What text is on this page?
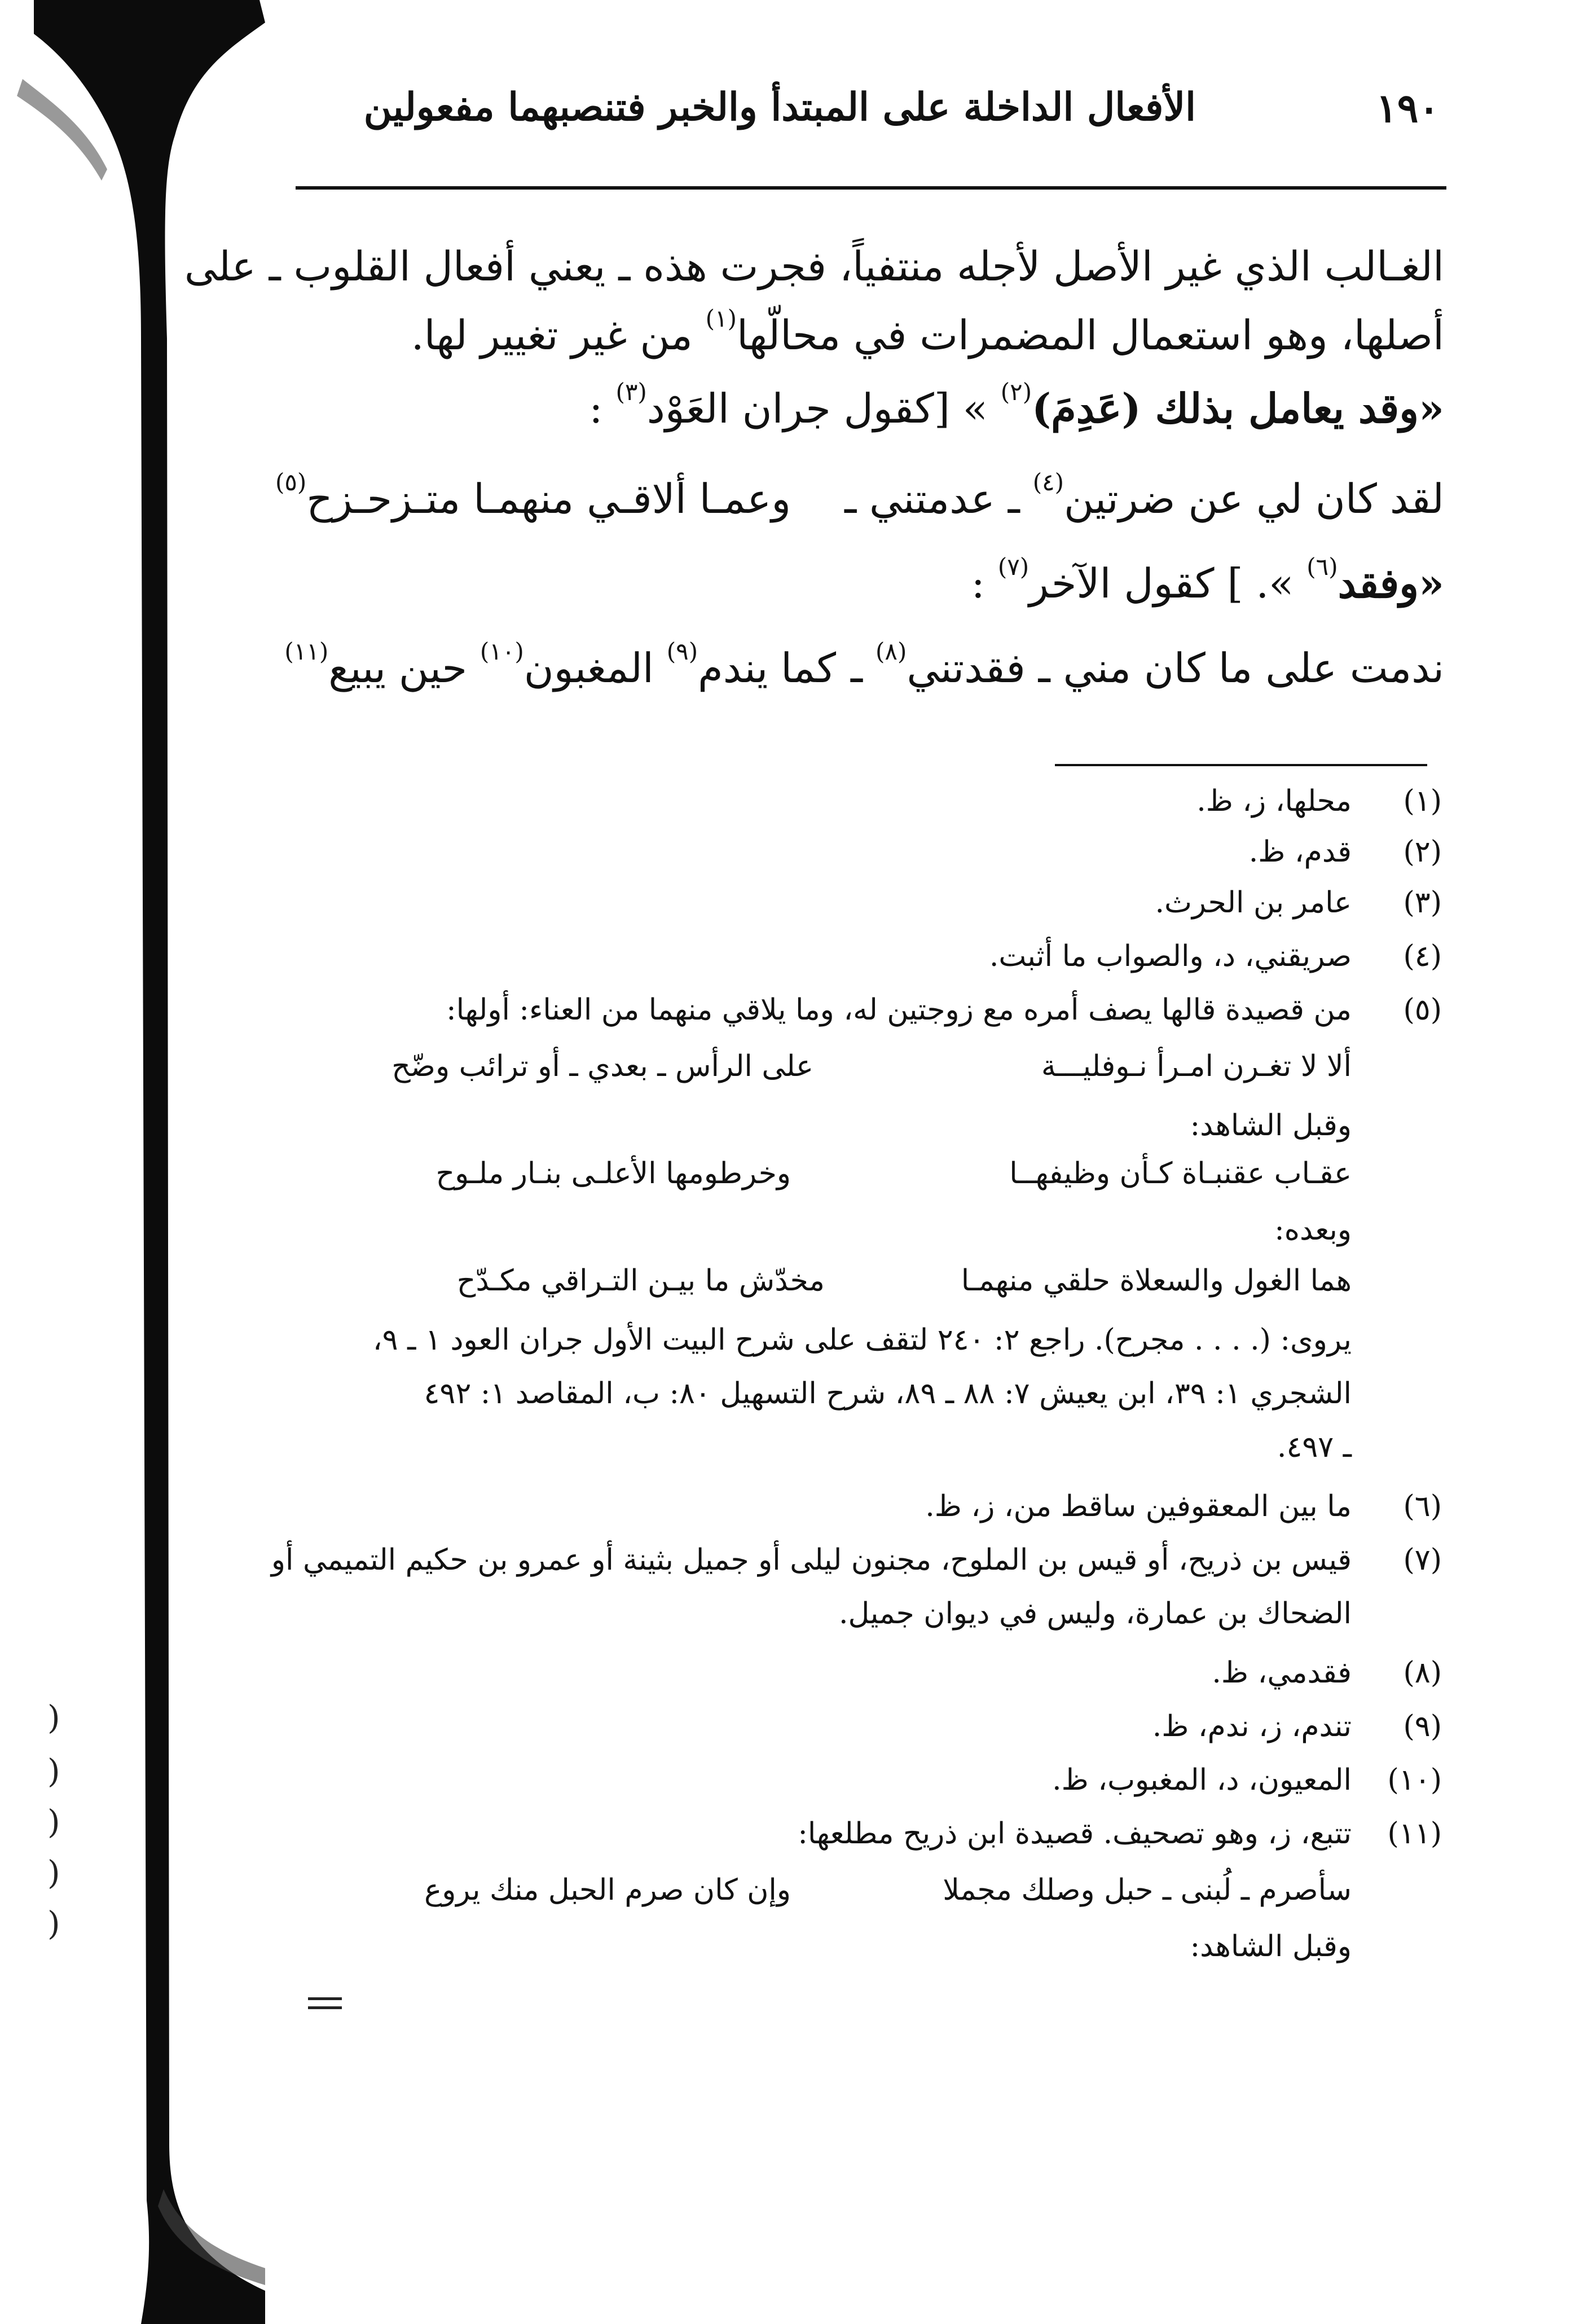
١٩٠
الأفعال الداخلة على المبتدأ والخبر فتنصبهما مفعولين
الغـالب الذي غير الأصل لأجله منتفياً، فجرت هذه ـ يعني أفعال القلوب ـ على
أصلها، وهو استعمال المضمرات في محالّها$^{(١)}$ من غير تغيير لها.
«وقد يعامل بذلك (عَدِمَ)$^{(٢)}$ » [كقول جران العَوْد$^{(٣)}$ :
لقد كان لي عن ضرتين$^{(٤)}$ ـ عدمتني ـ
وعمـا ألاقـي منهمـا متـزحـزح$^{(٥)}$
«وفقد$^{(٦)}$ ». ] كقول الآخر$^{(٧)}$ :
ندمت على ما كان مني ـ فقدتني$^{(٨)}$ ـ
كما يندم$^{(٩)}$ المغبون$^{(١٠)}$ حين يبيع$^{(١١)}$
(١)
محلها، ز، ظ.
(٢)
قدم، ظ.
(٣)
عامر بن الحرث.
(٤)
صريقني، د، والصواب ما أثبت.
(٥)
من قصيدة قالها يصف أمره مع زوجتين له، وما يلاقي منهما من العناء: أولها:
ألا لا تغـرن امـرأ نـوفليـــة
على الرأس ـ بعدي ـ أو ترائب وضّح
وقبل الشاهد:
عقـاب عقنبـاة كـأن وظيفهــا
وخرطومها الأعلـى بنـار ملـوح
وبعده:
هما الغول والسعلاة حلقي منهمـا
مخدّش ما بيـن التـراقي مكـدّح
يروى: (. . . . مجرح). راجع ٢: ٢٤٠ لتقف على شرح البيت الأول جران العود ١ ـ ٩،
الشجري ١: ٣٩، ابن يعيش ٧: ٨٨ ـ ٨٩، شرح التسهيل ٨٠: ب، المقاصد ١: ٤٩٢
ـ ٤٩٧.
(٦)
ما بين المعقوفين ساقط من، ز، ظ.
(٧)
قيس بن ذريح، أو قيس بن الملوح، مجنون ليلى أو جميل بثينة أو عمرو بن حكيم التميمي أو
الضحاك بن عمارة، وليس في ديوان جميل.
(٨)
فقدمي، ظ.
(٩)
تندم، ز، ندم، ظ.
(١٠)
المعيون، د، المغبوب، ظ.
(١١)
تتبع، ز، وهو تصحيف. قصيدة ابن ذريح مطلعها:
سأصرم ـ لُبنى ـ حبل وصلك مجملا
وإن كان صرم الحبل منك يروع
وقبل الشاهد:
)
)
)
)
)
